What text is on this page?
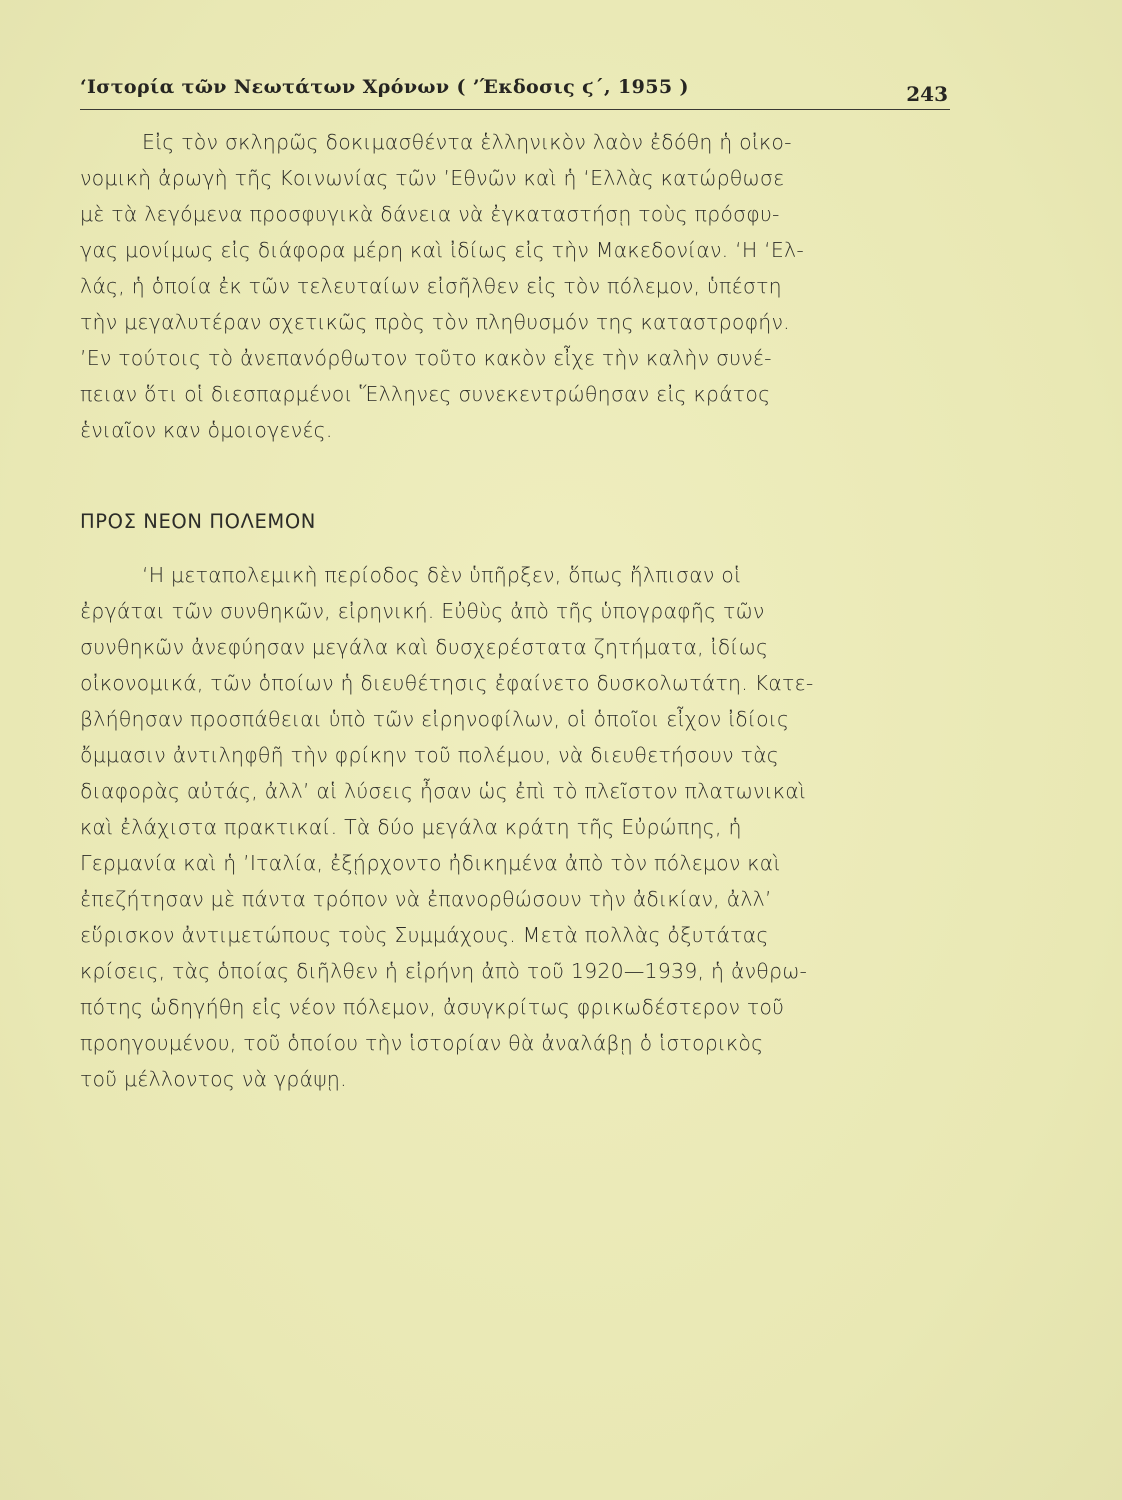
‘Ιστορία τῶν Νεωτάτων Χρόνων ( ’Έκδοσις ϛ΄, 1955 )	243
Εἰς τὸν σκληρῶς δοκιμασθέντα ἑλληνικὸν λαὸν ἐδόθη ἡ οἰκο-
νομικὴ ἀρωγὴ τῆς Κοινωνίας τῶν ’Εθνῶν καὶ ἡ ‘Ελλὰς κατώρθωσε
μὲ τὰ λεγόμενα προσφυγικὰ δάνεια νὰ ἐγκαταστήσῃ τοὺς πρόσφυ-
γας μονίμως εἰς διάφορα μέρη καὶ ἰδίως εἰς τὴν Μακεδονίαν. ‘Η ‘Ελ-
λάς, ἡ ὁποία ἐκ τῶν τελευταίων εἰσῆλθεν εἰς τὸν πόλεμον, ὑπέστη
τὴν μεγαλυτέραν σχετικῶς πρὸς τὸν πληθυσμόν της καταστροφήν.
’Εν τούτοις τὸ ἀνεπανόρθωτον τοῦτο κακὸν εἶχε τὴν καλὴν συνέ-
πειαν ὅτι οἱ διεσπαρμένοι Ἕλληνες συνεκεντρώθησαν εἰς κράτος
ἑνιαῖον καν ὁμοιογενές.
ΠΡΟΣ ΝΕΟΝ ΠΟΛΕΜΟΝ
‘Η μεταπολεμικὴ περίοδος δὲν ὑπῆρξεν, ὅπως ἤλπισαν οἱ
ἐργάται τῶν συνθηκῶν, εἰρηνική. Εὐθὺς ἀπὸ τῆς ὑπογραφῆς τῶν
συνθηκῶν ἀνεφύησαν μεγάλα καὶ δυσχερέστατα ζητήματα, ἰδίως
οἰκονομικά, τῶν ὁποίων ἡ διευθέτησις ἐφαίνετο δυσκολωτάτη. Κατε-
βλήθησαν προσπάθειαι ὑπὸ τῶν εἰρηνοφίλων, οἱ ὁποῖοι εἶχον ἰδίοις
ὄμμασιν ἀντιληφθῆ τὴν φρίκην τοῦ πολέμου, νὰ διευθετήσουν τὰς
διαφορὰς αὐτάς, ἀλλ’ αἱ λύσεις ἦσαν ὡς ἐπὶ τὸ πλεῖστον πλατωνικαὶ
καὶ ἐλάχιστα πρακτικαί. Τὰ δύο μεγάλα κράτη τῆς Εὐρώπης, ἡ
Γερμανία καὶ ἡ ’Ιταλία, ἐξῄρχοντο ἠδικημένα ἀπὸ τὸν πόλεμον καὶ
ἐπεζήτησαν μὲ πάντα τρόπον νὰ ἐπανορθώσουν τὴν ἀδικίαν, ἀλλ’
εὕρισκον ἀντιμετώπους τοὺς Συμμάχους. Μετὰ πολλὰς ὀξυτάτας
κρίσεις, τὰς ὁποίας διῆλθεν ἡ εἰρήνη ἀπὸ τοῦ 1920—1939, ἡ ἀνθρω-
πότης ὡδηγήθη εἰς νέον πόλεμον, ἀσυγκρίτως φρικωδέστερον τοῦ
προηγουμένου, τοῦ ὁποίου τὴν ἱστορίαν θὰ ἀναλάβῃ ὁ ἱστορικὸς
τοῦ μέλλοντος νὰ γράψῃ.
